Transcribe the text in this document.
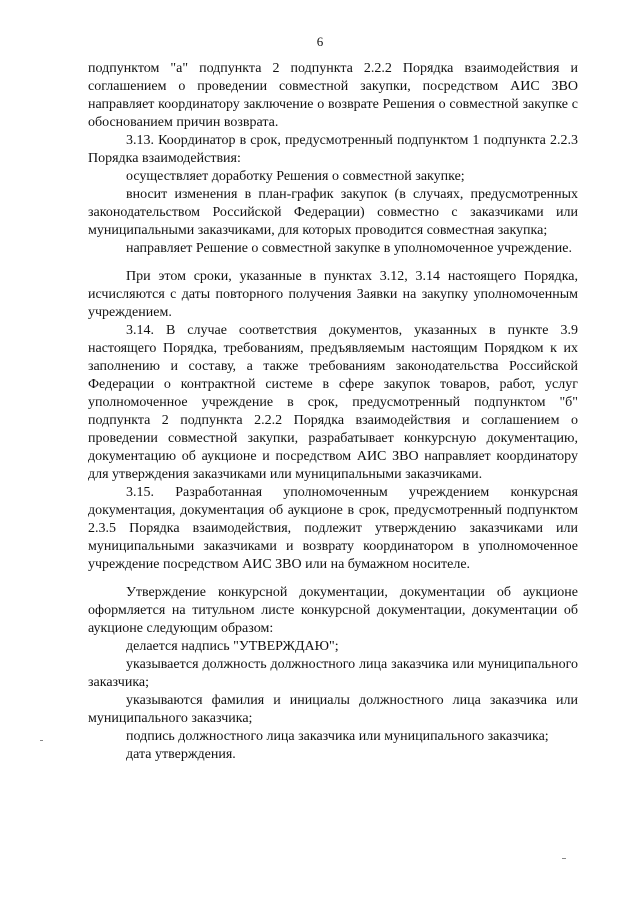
6

подпунктом "а" подпункта 2 подпункта 2.2.2 Порядка взаимодействия и соглашением о проведении совместной закупки, посредством АИС ЗВО направляет координатору заключение о возврате Решения о совместной закупке с обоснованием причин возврата.

3.13. Координатор в срок, предусмотренный подпунктом 1 подпункта 2.2.3 Порядка взаимодействия:

осуществляет доработку Решения о совместной закупке;

вносит изменения в план-график закупок (в случаях, предусмотренных законодательством Российской Федерации) совместно с заказчиками или муниципальными заказчиками, для которых проводится совместная закупка;

направляет Решение о совместной закупке в уполномоченное учреждение.

При этом сроки, указанные в пунктах 3.12, 3.14 настоящего Порядка, исчисляются с даты повторного получения Заявки на закупку уполномоченным учреждением.

3.14. В случае соответствия документов, указанных в пункте 3.9 настоящего Порядка, требованиям, предъявляемым настоящим Порядком к их заполнению и составу, а также требованиям законодательства Российской Федерации о контрактной системе в сфере закупок товаров, работ, услуг уполномоченное учреждение в срок, предусмотренный подпунктом "б" подпункта 2 подпункта 2.2.2 Порядка взаимодействия и соглашением о проведении совместной закупки, разрабатывает конкурсную документацию, документацию об аукционе и посредством АИС ЗВО направляет координатору для утверждения заказчиками или муниципальными заказчиками.

3.15. Разработанная уполномоченным учреждением конкурсная документация, документация об аукционе в срок, предусмотренный подпунктом 2.3.5 Порядка взаимодействия, подлежит утверждению заказчиками или муниципальными заказчиками и возврату координатором в уполномоченное учреждение посредством АИС ЗВО или на бумажном носителе.

Утверждение конкурсной документации, документации об аукционе оформляется на титульном листе конкурсной документации, документации об аукционе следующим образом:

делается надпись "УТВЕРЖДАЮ";

указывается должность должностного лица заказчика или муниципального заказчика;

указываются фамилия и инициалы должностного лица заказчика или муниципального заказчика;

подпись должностного лица заказчика или муниципального заказчика;

дата утверждения.
